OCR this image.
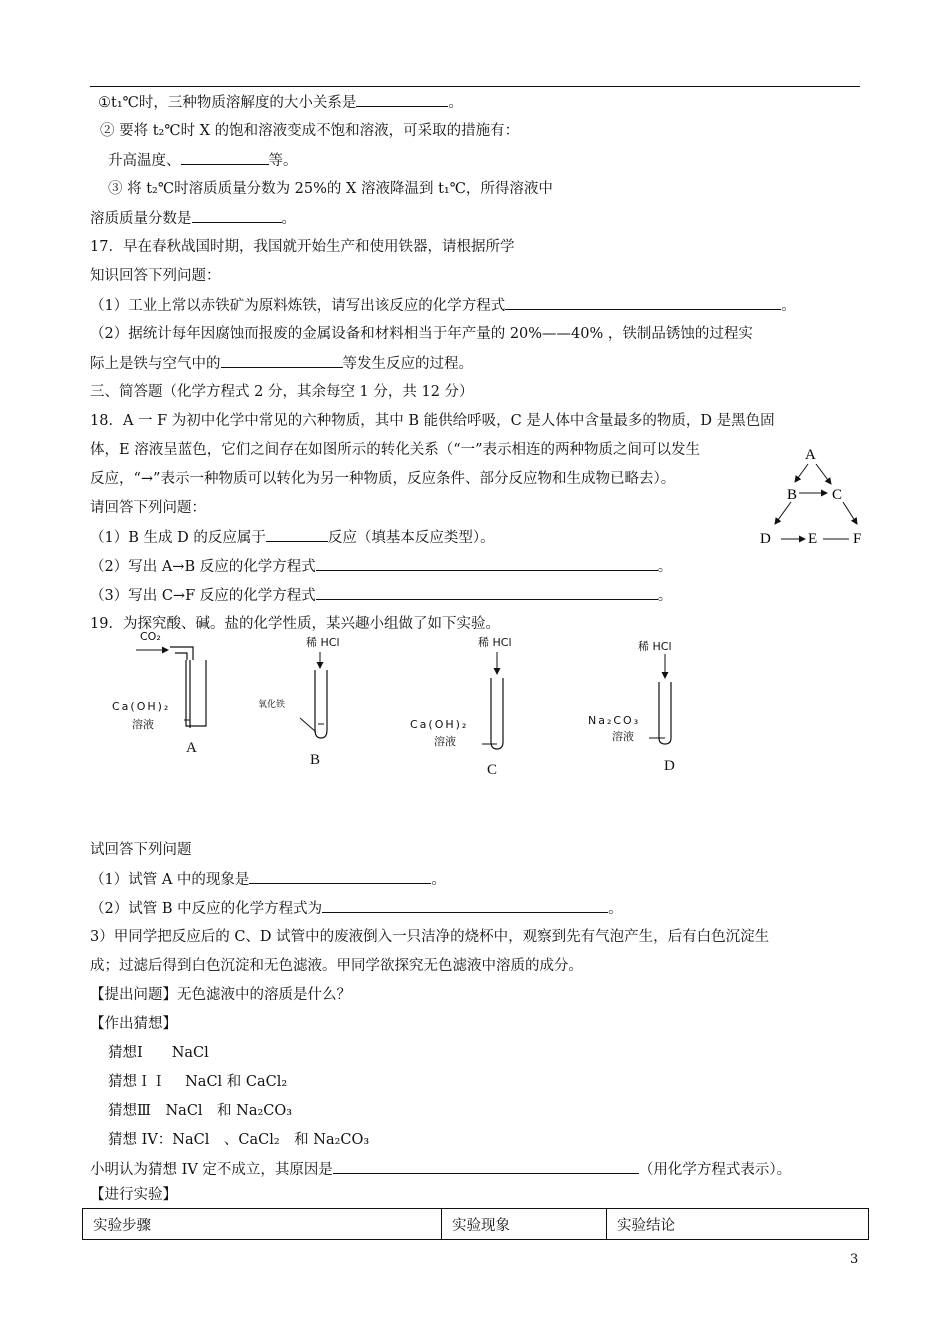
①t₁℃时，三种物质溶解度的大小关系是	。
② 要将 t₂℃时 X 的饱和溶液变成不饱和溶液，可采取的措施有：
升高温度、	等。
③ 将 t₂℃时溶质质量分数为 25%的 X 溶液降温到 t₁℃，所得溶液中
溶质质量分数是	。
17．早在春秋战国时期，我国就开始生产和使用铁器，请根据所学
知识回答下列问题：
（1）工业上常以赤铁矿为原料炼铁，请写出该反应的化学方程式	。
（2）据统计每年因腐蚀而报废的金属设备和材料相当于年产量的 20%——40% ，铁制品锈蚀的过程实
际上是铁与空气中的	等发生反应的过程。
三、简答题（化学方程式 2 分，其余每空 1 分，共 12 分）
18．A 一 F 为初中化学中常见的六种物质，其中 B 能供给呼吸，C 是人体中含量最多的物质，D 是黑色固
体，E 溶液呈蓝色，它们之间存在如图所示的转化关系（“一”表示相连的两种物质之间可以发生
反应，“→”表示一种物质可以转化为另一种物质，反应条件、部分反应物和生成物已略去）。
请回答下列问题：
（1）B 生成 D 的反应属于	反应（填基本反应类型）。
（2）写出 A→B 反应的化学方程式	。
（3）写出 C→F 反应的化学方程式	。
A
B C
D E F
19．为探究酸、碱。盐的化学性质，某兴趣小组做了如下实验。
CO₂
Ca(OH)₂
溶液
A
稀 HCl
氧化铁
B
稀 HCl
Ca(OH)₂
溶液
C
稀 HCl
Na₂CO₃
溶液
D
试回答下列问题
（1）试管 A 中的现象是	。
（2）试管 B 中反应的化学方程式为	。
3）甲同学把反应后的 C、D 试管中的废液倒入一只洁净的烧杯中，观察到先有气泡产生，后有白色沉淀生
成；过滤后得到白色沉淀和无色滤液。甲同学欲探究无色滤液中溶质的成分。
【提出问题】无色滤液中的溶质是什么？
【作出猜想】
猜想Ⅰ　　NaCl
猜想ＩＩ　 NaCl 和 CaCl₂
猜想Ⅲ　NaCl　和 Na₂CO₃
猜想 IV：NaCl　、CaCl₂　和 Na₂CO₃
小明认为猜想 IV 定不成立，其原因是	（用化学方程式表示）。
【进行实验】
实验步骤	实验现象	实验结论
3
